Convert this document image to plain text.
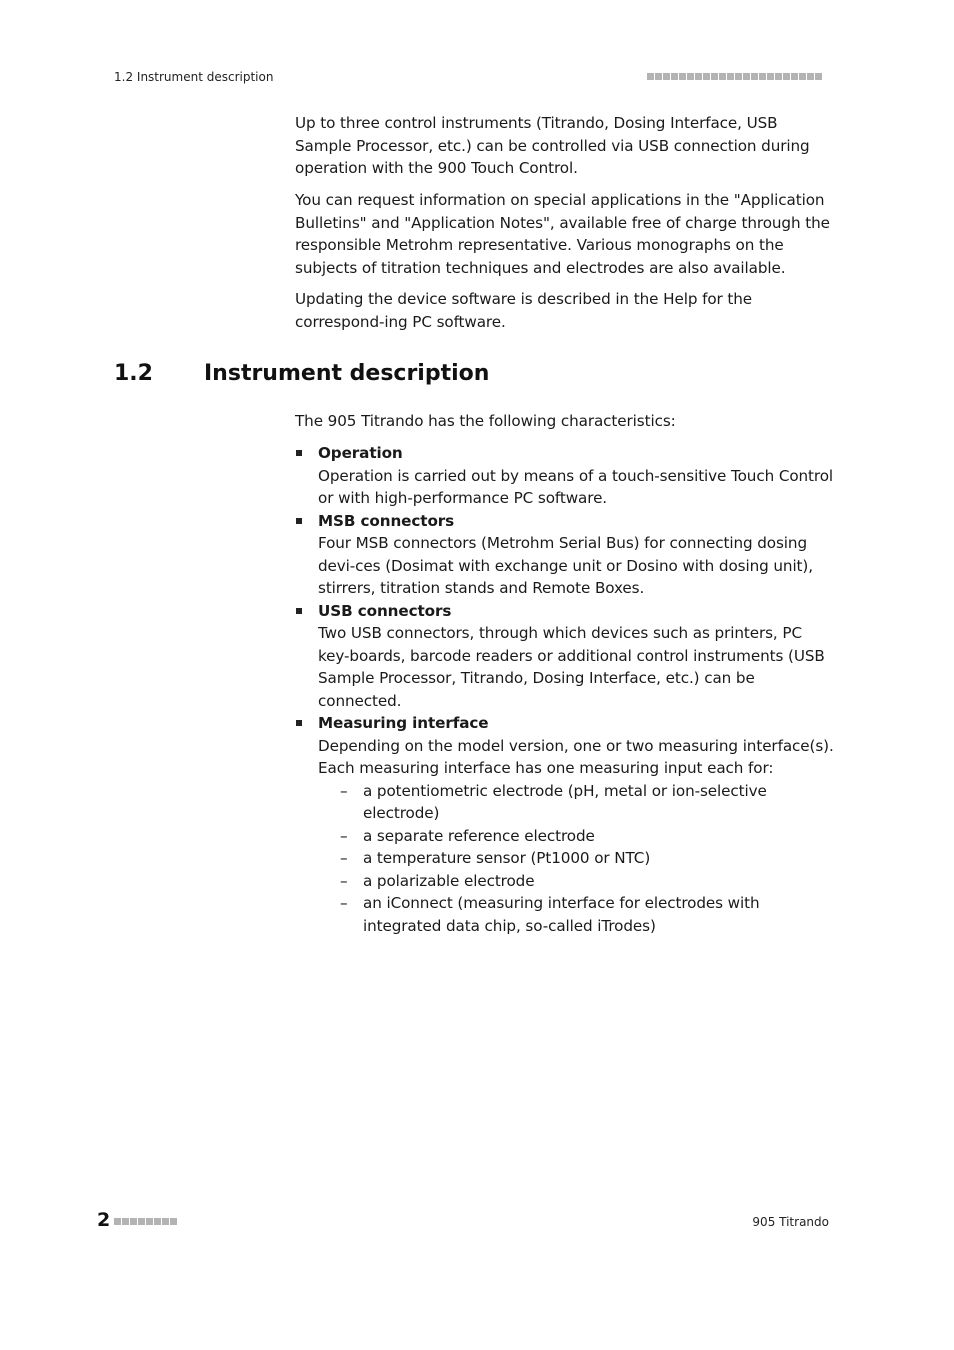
1.2 Instrument description

Up to three control instruments (Titrando, Dosing Interface, USB Sample Processor, etc.) can be controlled via USB connection during operation with the 900 Touch Control.

You can request information on special applications in the "Application Bulletins" and "Application Notes", available free of charge through the responsible Metrohm representative. Various monographs on the subjects of titration techniques and electrodes are also available.

Updating the device software is described in the Help for the correspond-ing PC software.

1.2	Instrument description

The 905 Titrando has the following characteristics:

Operation
Operation is carried out by means of a touch-sensitive Touch Control or with high-performance PC software.
MSB connectors
Four MSB connectors (Metrohm Serial Bus) for connecting dosing devi-ces (Dosimat with exchange unit or Dosino with dosing unit), stirrers, titration stands and Remote Boxes.
USB connectors
Two USB connectors, through which devices such as printers, PC key-boards, barcode readers or additional control instruments (USB Sample Processor, Titrando, Dosing Interface, etc.) can be connected.
Measuring interface
Depending on the model version, one or two measuring interface(s). Each measuring interface has one measuring input each for:
– a potentiometric electrode (pH, metal or ion-selective electrode)
– a separate reference electrode
– a temperature sensor (Pt1000 or NTC)
– a polarizable electrode
– an iConnect (measuring interface for electrodes with integrated data chip, so-called iTrodes)
2	905 Titrando
